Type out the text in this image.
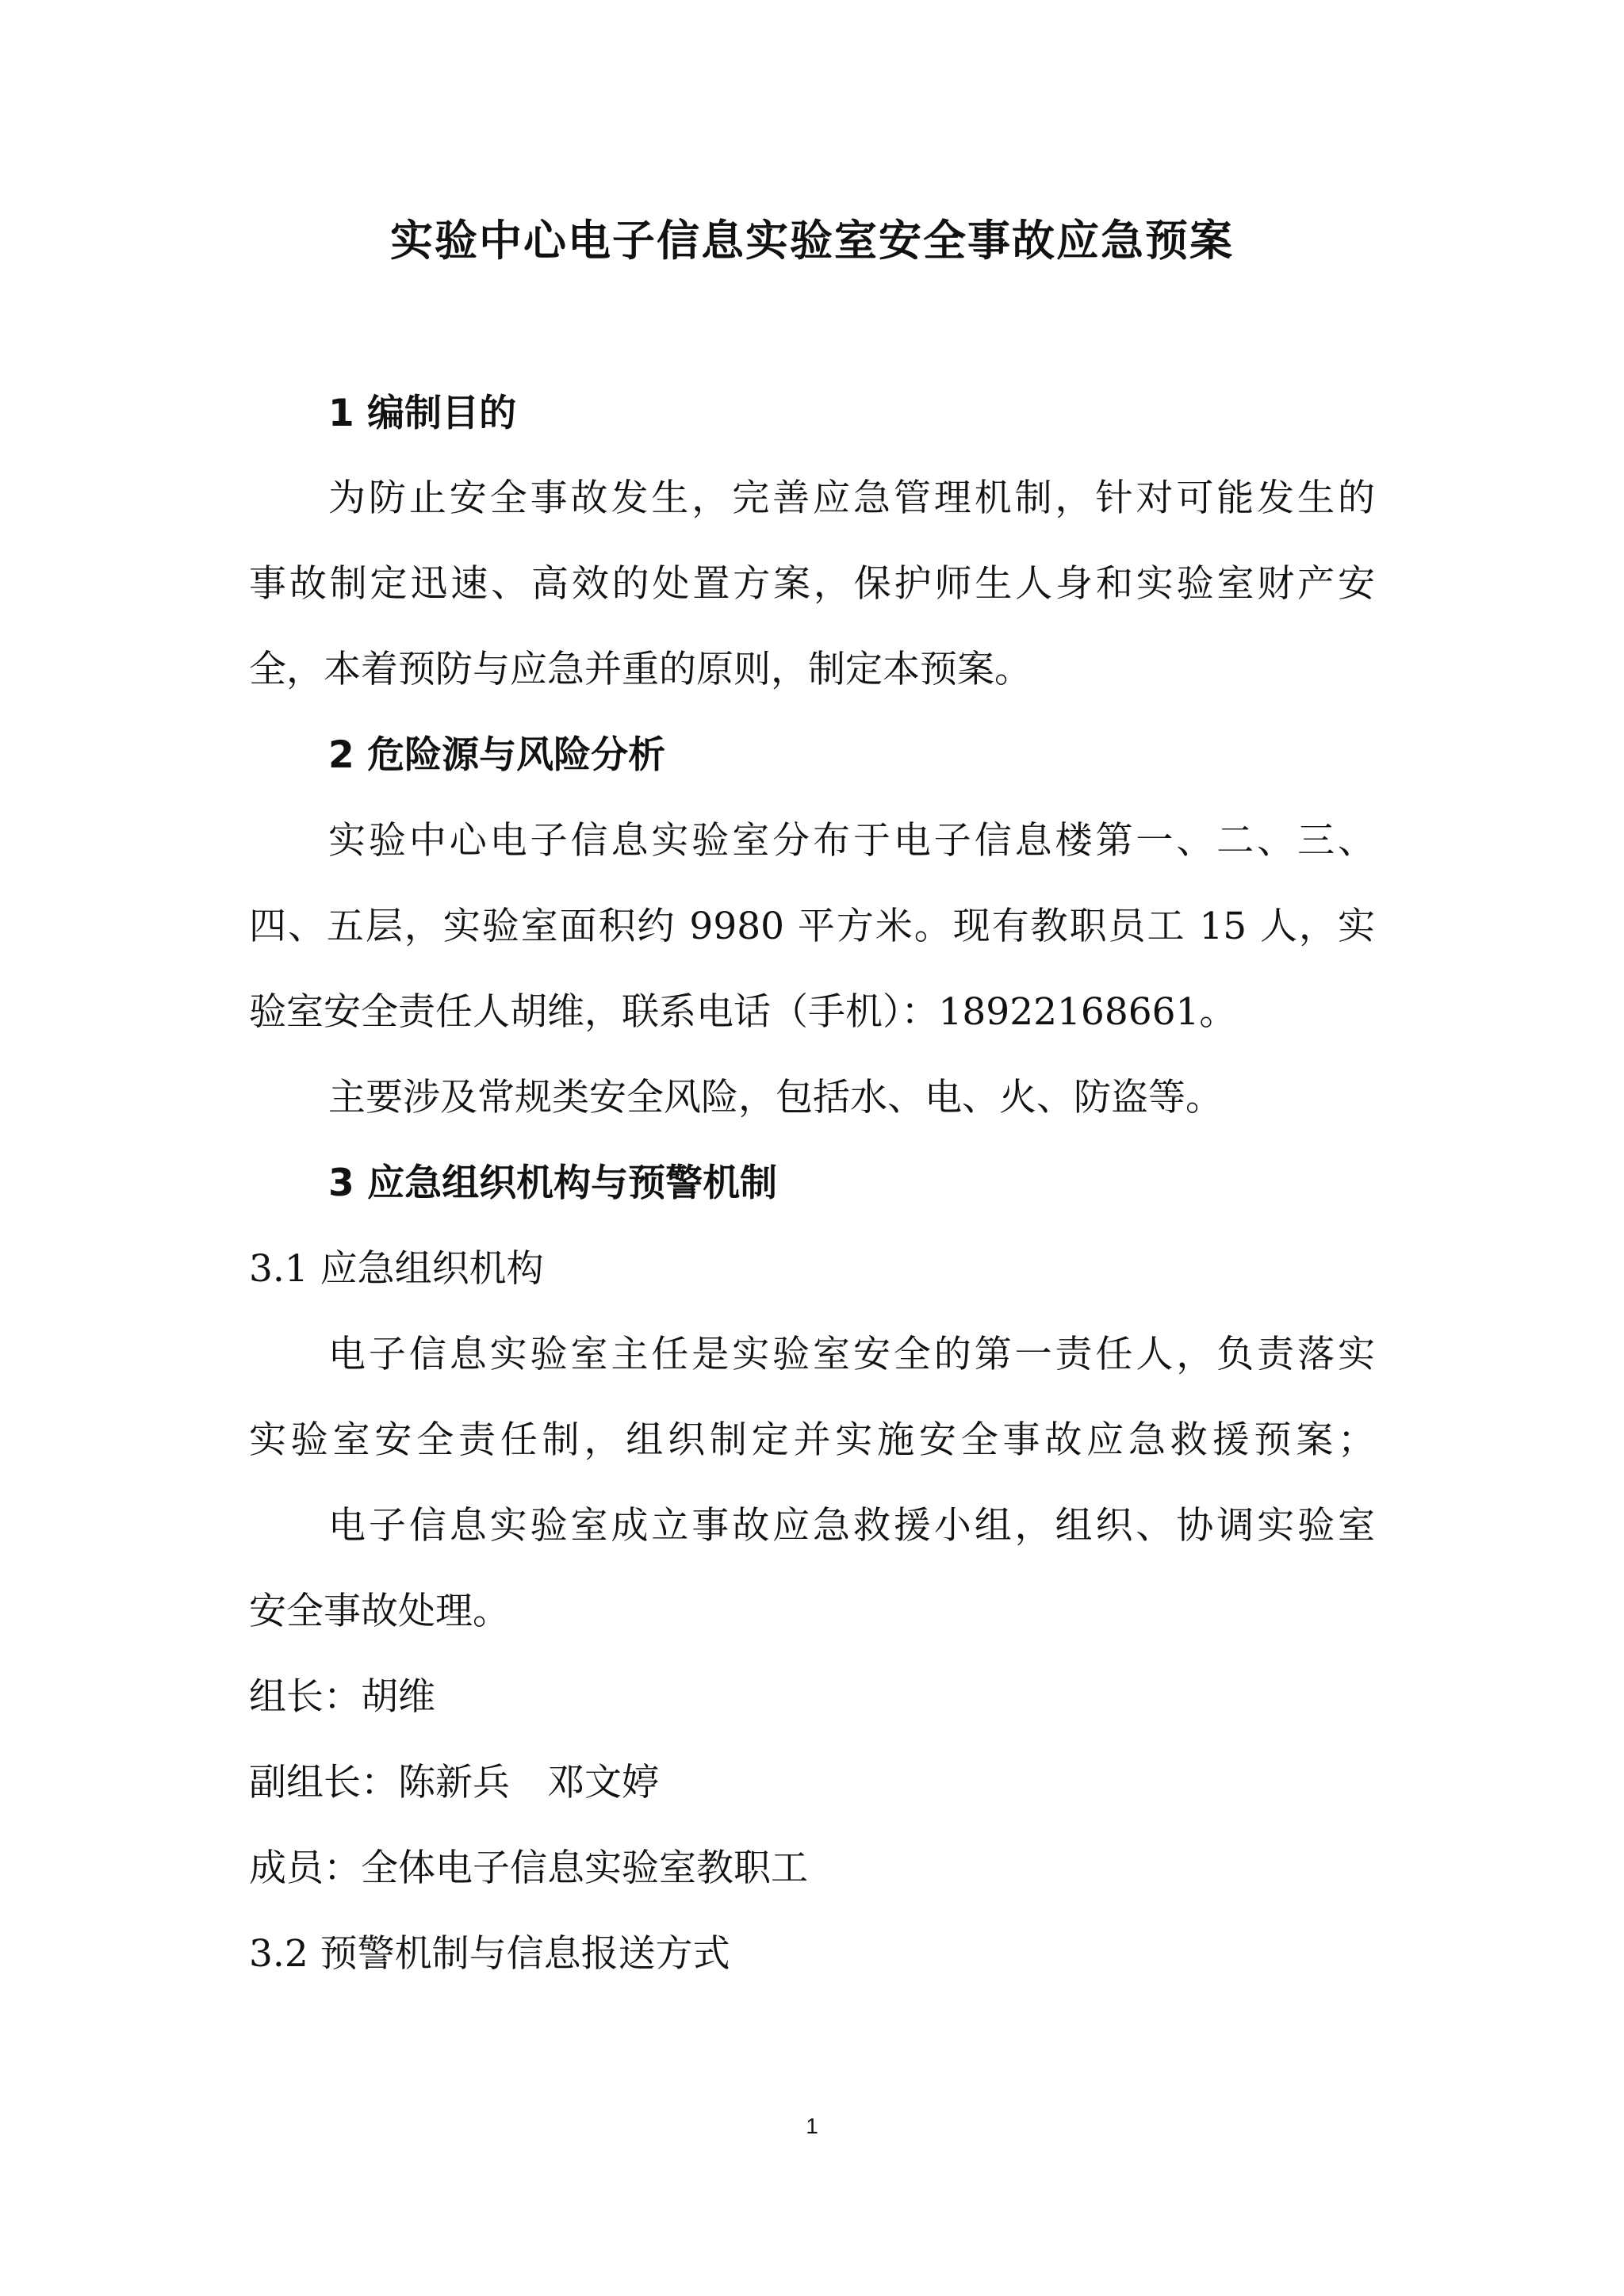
实验中心电子信息实验室安全事故应急预案
1 编制目的
为防止安全事故发生，完善应急管理机制，针对可能发生的
事故制定迅速、高效的处置方案，保护师生人身和实验室财产安
全，本着预防与应急并重的原则，制定本预案。
2 危险源与风险分析
实验中心电子信息实验室分布于电子信息楼第一、二、三、
四、五层，实验室面积约 9980 平方米。现有教职员工 15 人，实
验室安全责任人胡维，联系电话（手机）：18922168661。
主要涉及常规类安全风险，包括水、电、火、防盗等。
3 应急组织机构与预警机制
3.1 应急组织机构
电子信息实验室主任是实验室安全的第一责任人，负责落实
实验室安全责任制，组织制定并实施安全事故应急救援预案；
电子信息实验室成立事故应急救援小组，组织、协调实验室
安全事故处理。
组长：胡维
副组长：陈新兵　邓文婷
成员：全体电子信息实验室教职工
3.2 预警机制与信息报送方式
1
